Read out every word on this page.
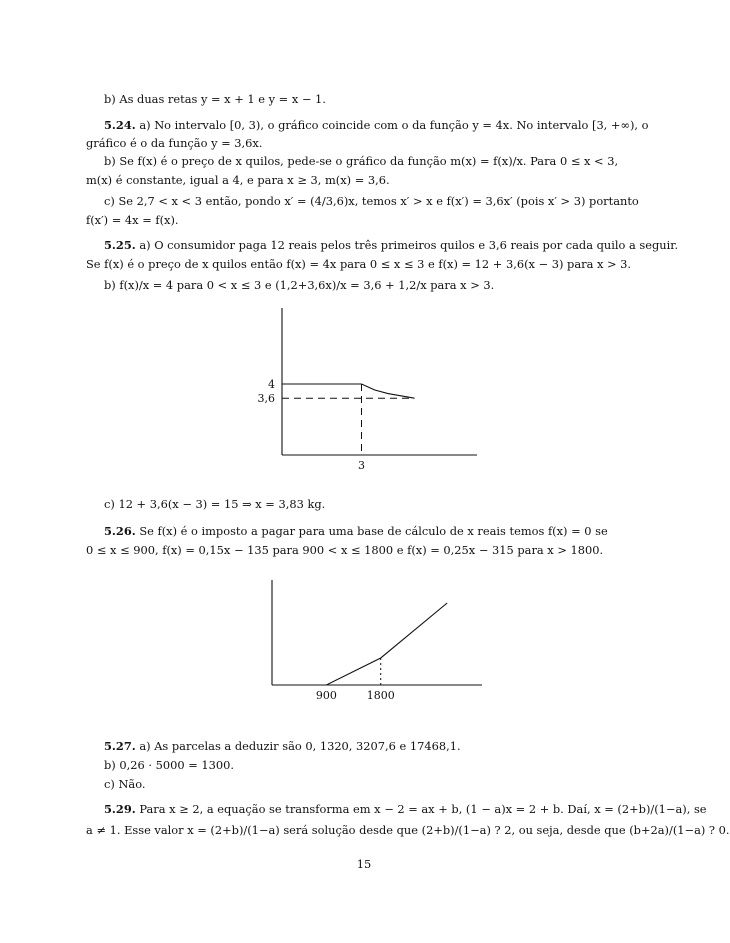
b) As duas retas y = x + 1 e y = x − 1.
5.24. a) No intervalo [0, 3), o gráfico coincide com o da função y = 4x. No intervalo [3, +∞), o
gráfico é o da função y = 3,6x.
b) Se f(x) é o preço de x quilos, pede-se o gráfico da função m(x) = f(x)/x. Para 0 ≤ x < 3,
m(x) é constante, igual a 4, e para x ≥ 3, m(x) = 3,6.
c) Se 2,7 < x < 3 então, pondo x′ = (4/3,6)x, temos x′ > x e f(x′) = 3,6x′ (pois x′ > 3) portanto
f(x′) = 4x = f(x).
5.25. a) O consumidor paga 12 reais pelos três primeiros quilos e 3,6 reais por cada quilo a seguir.
Se f(x) é o preço de x quilos então f(x) = 4x para 0 ≤ x ≤ 3 e f(x) = 12 + 3,6(x − 3) para x > 3.
b) f(x)/x = 4 para 0 < x ≤ 3 e (1,2+3,6x)/x = 3,6 + 1,2/x para x > 3.
4
3,6
3
c) 12 + 3,6(x − 3) = 15 ⇒ x = 3,83 kg.
5.26. Se f(x) é o imposto a pagar para uma base de cálculo de x reais temos f(x) = 0 se
0 ≤ x ≤ 900, f(x) = 0,15x − 135 para 900 < x ≤ 1800 e f(x) = 0,25x − 315 para x > 1800.
900	1800
5.27. a) As parcelas a deduzir são 0, 1320, 3207,6 e 17468,1.
b) 0,26 · 5000 = 1300.
c) Não.
5.29. Para x ≥ 2, a equação se transforma em x − 2 = ax + b, (1 − a)x = 2 + b. Daí, x = (2+b)/(1−a), se
a ≠ 1. Esse valor x = (2+b)/(1−a) será solução desde que (2+b)/(1−a) ? 2, ou seja, desde que (b+2a)/(1−a) ? 0.
15
